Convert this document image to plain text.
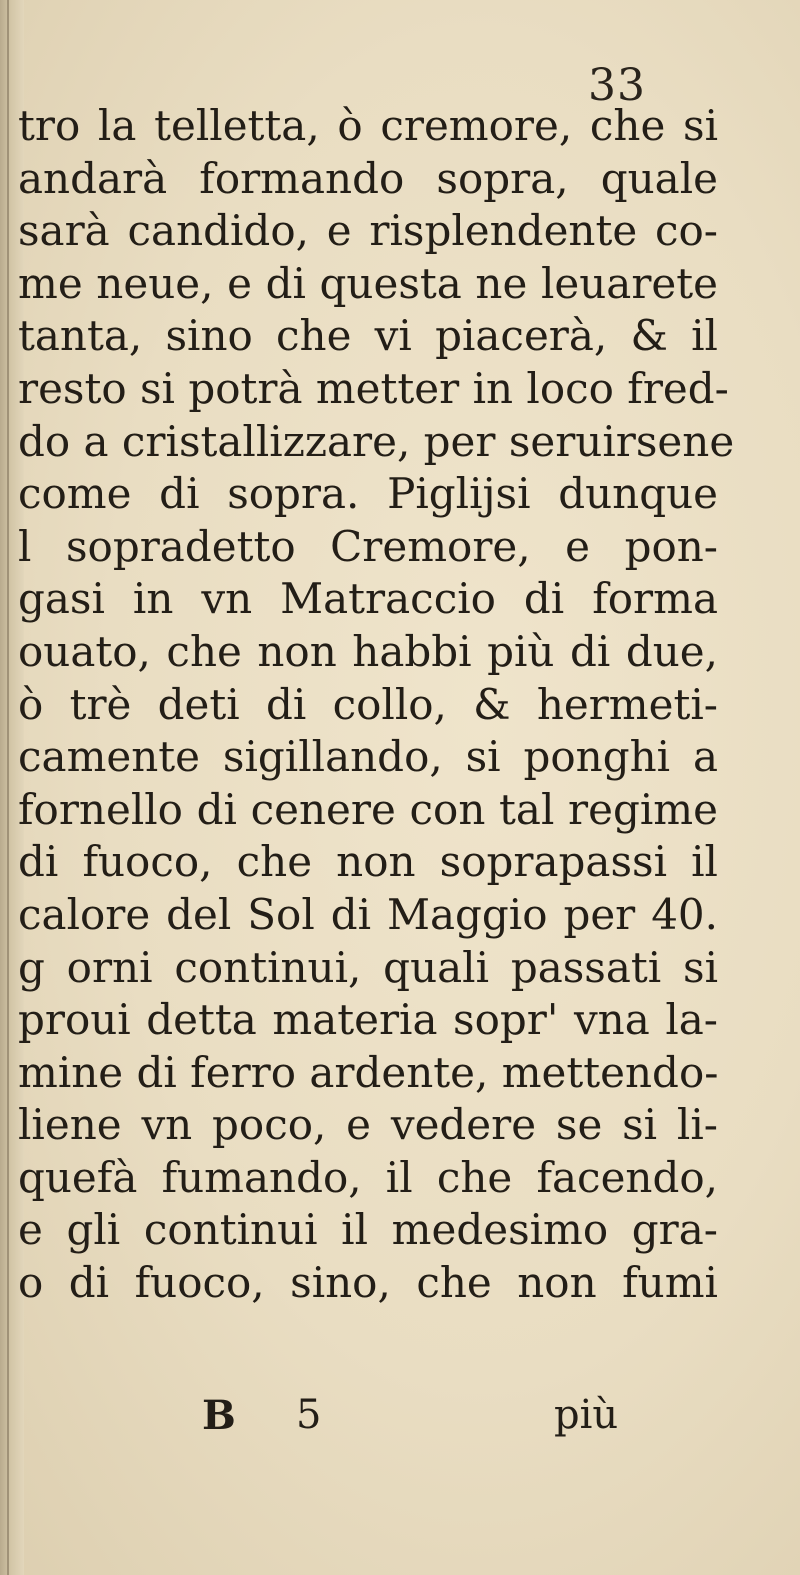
33
tro la telletta, ò cremore, che si
andarà formando sopra, quale
sarà candido, e risplendente co-
me neue, e di questa ne leuarete
tanta, sino che vi piacerà, & il
resto si potrà metter in loco fred-
do a cristallizzare, per seruirsene
come di sopra. Piglijsi dunque
l sopradetto Cremore, e pon-
gasi in vn Matraccio di forma
ouato, che non habbi più di due,
ò trè deti di collo, & hermeti-
camente sigillando, si ponghi a
fornello di cenere con tal regime
di fuoco, che non soprapassi il
calore del Sol di Maggio per 40.
g orni continui, quali passati si
proui detta materia sopr' vna la-
mine di ferro ardente, mettendo-
liene vn poco, e vedere se si li-
quefà fumando, il che facendo,
e gli continui il medesimo gra-
o di fuoco, sino, che non fumi
B 5	più
